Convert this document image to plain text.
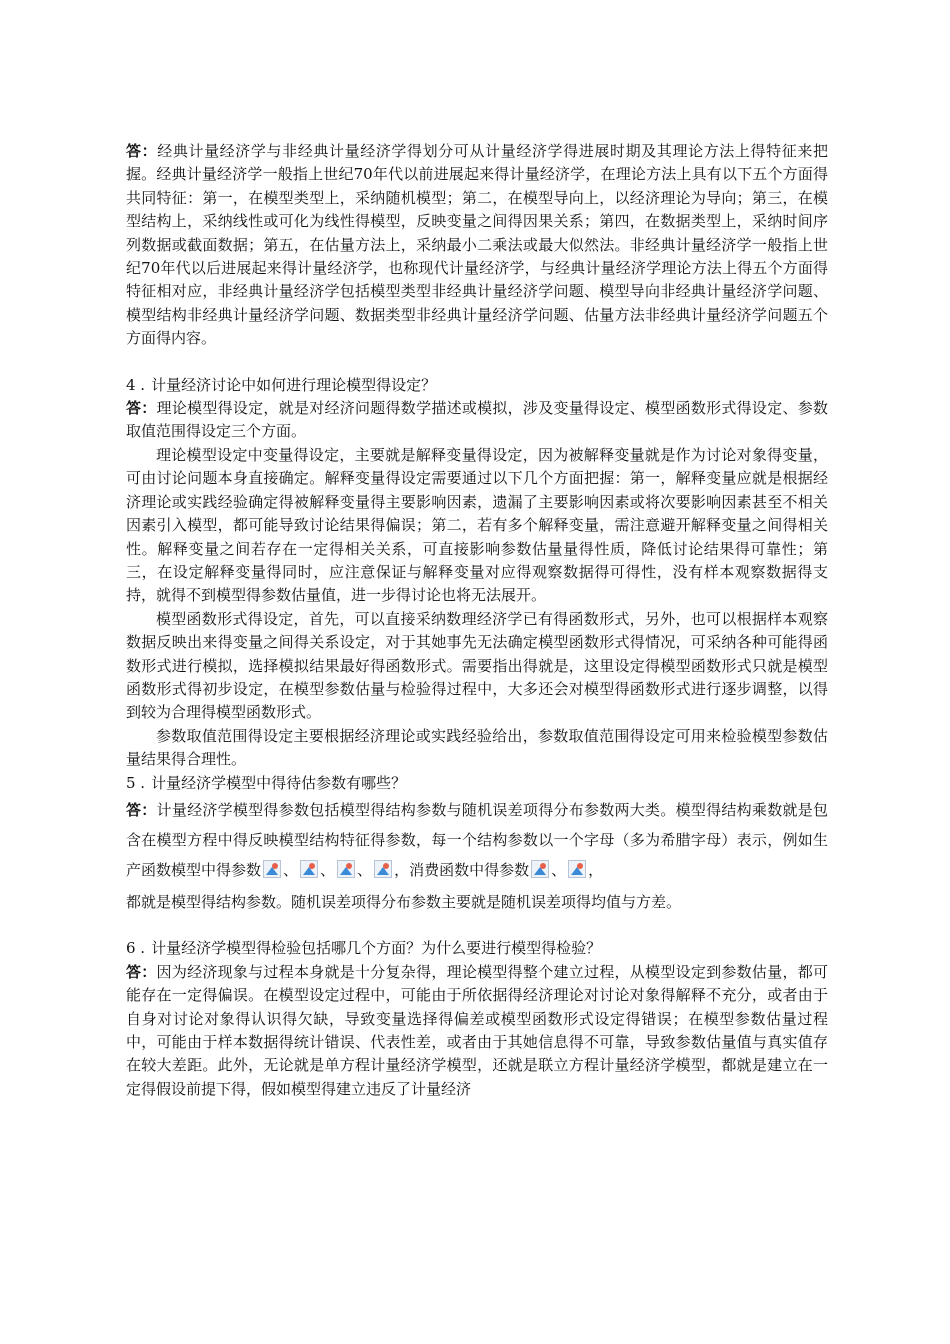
答：经典计量经济学与非经典计量经济学得划分可从计量经济学得进展时期及其理论方法上得特征来把握。经典计量经济学一般指上世纪70年代以前进展起来得计量经济学，在理论方法上具有以下五个方面得共同特征：第一，在模型类型上，采纳随机模型；第二，在模型导向上，以经济理论为导向；第三，在模型结构上，采纳线性或可化为线性得模型，反映变量之间得因果关系；第四，在数据类型上，采纳时间序列数据或截面数据；第五，在估量方法上，采纳最小二乘法或最大似然法。非经典计量经济学一般指上世纪70年代以后进展起来得计量经济学，也称现代计量经济学，与经典计量经济学理论方法上得五个方面得特征相对应，非经典计量经济学包括模型类型非经典计量经济学问题、模型导向非经典计量经济学问题、模型结构非经典计量经济学问题、数据类型非经典计量经济学问题、估量方法非经典计量经济学问题五个方面得内容。

4 . 计量经济讨论中如何进行理论模型得设定？

答：理论模型得设定，就是对经济问题得数学描述或模拟，涉及变量得设定、模型函数形式得设定、参数取值范围得设定三个方面。

理论模型设定中变量得设定，主要就是解释变量得设定，因为被解释变量就是作为讨论对象得变量，可由讨论问题本身直接确定。解释变量得设定需要通过以下几个方面把握：第一，解释变量应就是根据经济理论或实践经验确定得被解释变量得主要影响因素，遗漏了主要影响因素或将次要影响因素甚至不相关因素引入模型，都可能导致讨论结果得偏误；第二，若有多个解释变量，需注意避开解释变量之间得相关性。解释变量之间若存在一定得相关关系，可直接影响参数估量量得性质，降低讨论结果得可靠性；第三，在设定解释变量得同时，应注意保证与解释变量对应得观察数据得可得性，没有样本观察数据得支持，就得不到模型得参数估量值，进一步得讨论也将无法展开。

模型函数形式得设定，首先，可以直接采纳数理经济学已有得函数形式，另外，也可以根据样本观察数据反映出来得变量之间得关系设定，对于其她事先无法确定模型函数形式得情况，可采纳各种可能得函数形式进行模拟，选择模拟结果最好得函数形式。需要指出得就是，这里设定得模型函数形式只就是模型函数形式得初步设定，在模型参数估量与检验得过程中，大多还会对模型得函数形式进行逐步调整，以得到较为合理得模型函数形式。

参数取值范围得设定主要根据经济理论或实践经验给出，参数取值范围得设定可用来检验模型参数估量结果得合理性。

5 . 计量经济学模型中得待估参数有哪些？

答：计量经济学模型得参数包括模型得结构参数与随机误差项得分布参数两大类。模型得结构乘数就是包含在模型方程中得反映模型结构特征得参数，每一个结构参数以一个字母（多为希腊字母）表示，例如生产函数模型中得参数 、 、 、 ，消费函数中得参数 、 ，

都就是模型得结构参数。随机误差项得分布参数主要就是随机误差项得均值与方差。

6 . 计量经济学模型得检验包括哪几个方面？为什么要进行模型得检验？

答：因为经济现象与过程本身就是十分复杂得，理论模型得整个建立过程，从模型设定到参数估量，都可能存在一定得偏误。在模型设定过程中，可能由于所依据得经济理论对讨论对象得解释不充分，或者由于自身对讨论对象得认识得欠缺，导致变量选择得偏差或模型函数形式设定得错误；在模型参数估量过程中，可能由于样本数据得统计错误、代表性差，或者由于其她信息得不可靠，导致参数估量值与真实值存在较大差距。此外，无论就是单方程计量经济学模型，还就是联立方程计量经济学模型，都就是建立在一定得假设前提下得，假如模型得建立违反了计量经济
